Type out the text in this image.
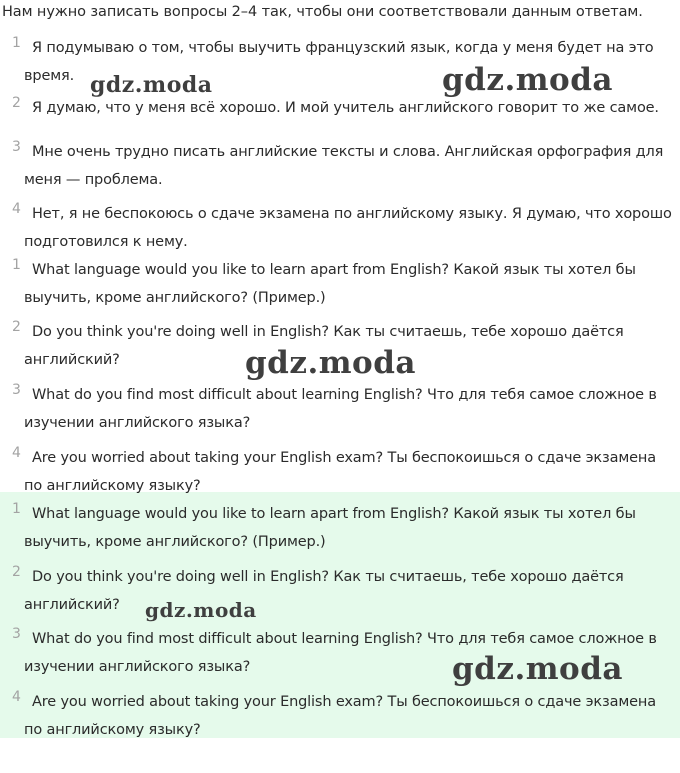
Нам нужно записать вопросы 2–4 так, чтобы они соответствовали данным ответам.
1 Я подумываю о том, чтобы выучить французский язык, когда у меня будет на это время.
2 Я думаю, что у меня всё хорошо. И мой учитель английского говорит то же самое.
3 Мне очень трудно писать английские тексты и слова. Английская орфография для меня — проблема.
4 Нет, я не беспокоюсь о сдаче экзамена по английскому языку. Я думаю, что хорошо подготовился к нему.
1 What language would you like to learn apart from English? Какой язык ты хотел бы выучить, кроме английского? (Пример.)
2 Do you think you're doing well in English? Как ты считаешь, тебе хорошо даётся английский?
3 What do you find most difficult about learning English? Что для тебя самое сложное в изучении английского языка?
4 Are you worried about taking your English exam? Ты беспокоишься о сдаче экзамена по английскому языку?
1 What language would you like to learn apart from English? Какой язык ты хотел бы выучить, кроме английского? (Пример.)
2 Do you think you're doing well in English? Как ты считаешь, тебе хорошо даётся английский?
3 What do you find most difficult about learning English? Что для тебя самое сложное в изучении английского языка?
4 Are you worried about taking your English exam? Ты беспокоишься о сдаче экзамена по английскому языку?
gdz.moda	gdz.moda
gdz.moda
gdz.moda
gdz.moda
